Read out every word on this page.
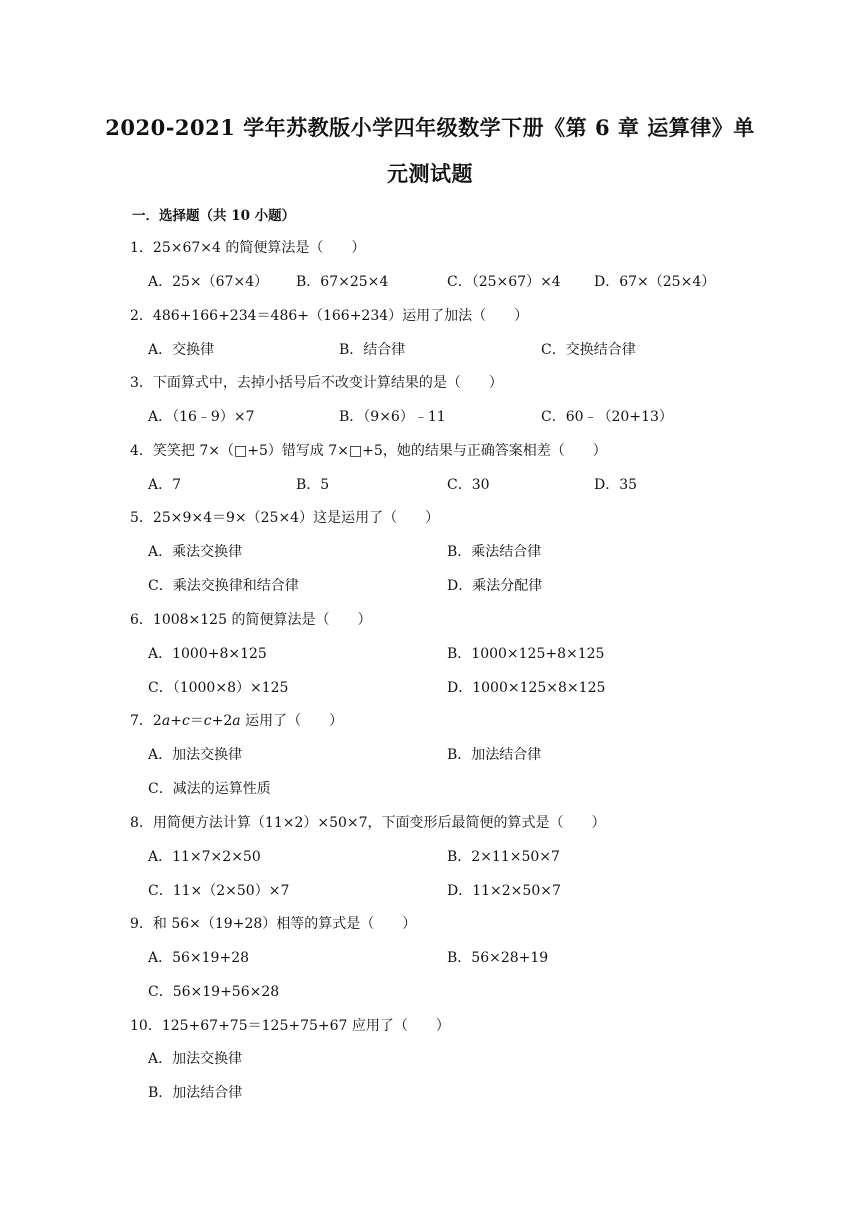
2020-2021 学年苏教版小学四年级数学下册《第 6 章 运算律》单
元测试题
一．选择题（共 10 小题）
1．25×67×4 的简便算法是（　　）
A．25×（67×4） B．67×25×4	C．（25×67）×4 D．67×（25×4）
2．486+166+234＝486+（166+234）运用了加法（　　）
A．交换律	B．结合律	C．交换结合律
3．下面算式中，去掉小括号后不改变计算结果的是（　　）
A．（16﹣9）×7	B．（9×6）﹣11	C．60﹣（20+13）
4．笑笑把 7×（□+5）错写成 7×□+5，她的结果与正确答案相差（　　）
A．7	B．5	C．30	D．35
5．25×9×4＝9×（25×4）这是运用了（　　）
A．乘法交换律	B．乘法结合律
C．乘法交换律和结合律	D．乘法分配律
6．1008×125 的简便算法是（　　）
A．1000+8×125	B．1000×125+8×125
C．（1000×8）×125	D．1000×125×8×125
7．2a+c＝c+2a 运用了（　　）
A．加法交换律	B．加法结合律
C．减法的运算性质
8．用简便方法计算（11×2）×50×7，下面变形后最简便的算式是（　　）
A．11×7×2×50	B．2×11×50×7
C．11×（2×50）×7	D．11×2×50×7
9．和 56×（19+28）相等的算式是（　　）
A．56×19+28	B．56×28+19
C．56×19+56×28
10．125+67+75＝125+75+67 应用了（　　）
A．加法交换律
B．加法结合律
